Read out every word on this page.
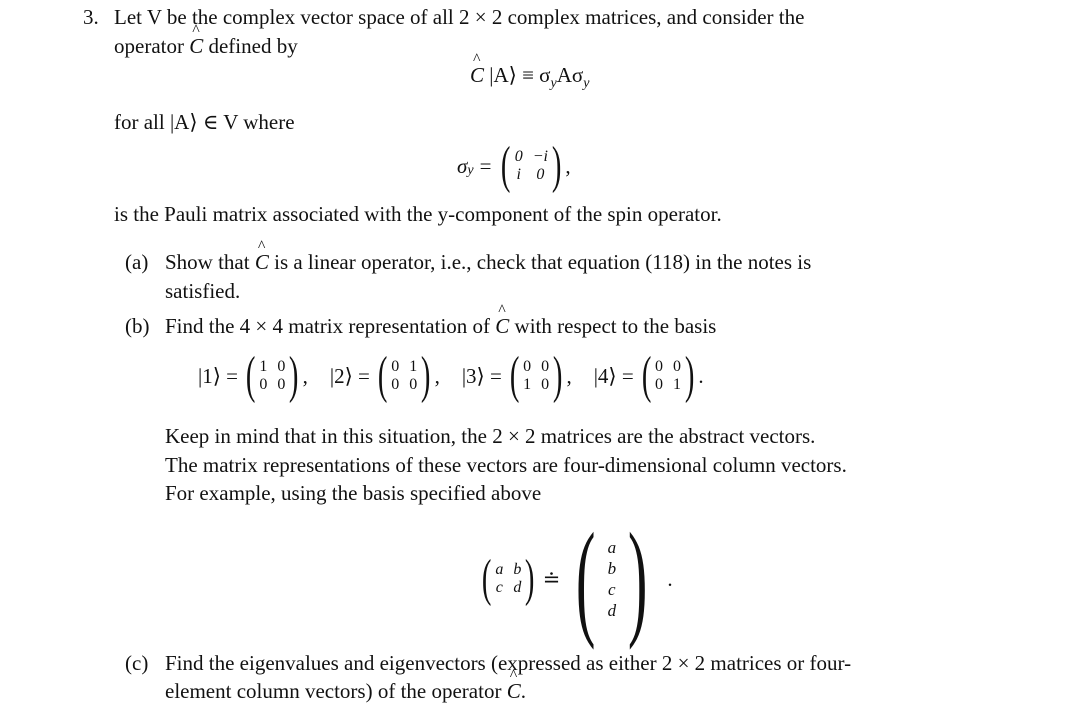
3. Let V be the complex vector space of all 2 × 2 complex matrices, and consider the
operator ^ C defined by
^ C |A⟩ ≡ $\sigma_yA\sigma_y$
for all |A⟩ ∈ V where
σ y = ( 0 −i
i 0 ) ,
is the Pauli matrix associated with the y-component of the spin operator.
(a) Show that ^ C is a linear operator, i.e., check that equation (118) in the notes is
satisfied.
(b) Find the 4 × 4 matrix representation of ^ C with respect to the basis
|1⟩ = ( 1 0
0 0 ) , |2⟩ = ( 0 1
0 0 ) , |3⟩ = ( 0 0
1 0 ) , |4⟩ = ( 0 0
0 1 ) .
Keep in mind that in this situation, the 2 × 2 matrices are the abstract vectors.
The matrix representations of these vectors are four-dimensional column vectors.
For example, using the basis specified above
( a b
c d ) ≐ ( a
b
c
d ) .
(c) Find the eigenvalues and eigenvectors (expressed as either 2 × 2 matrices or four-
element column vectors) of the operator ^ C.
